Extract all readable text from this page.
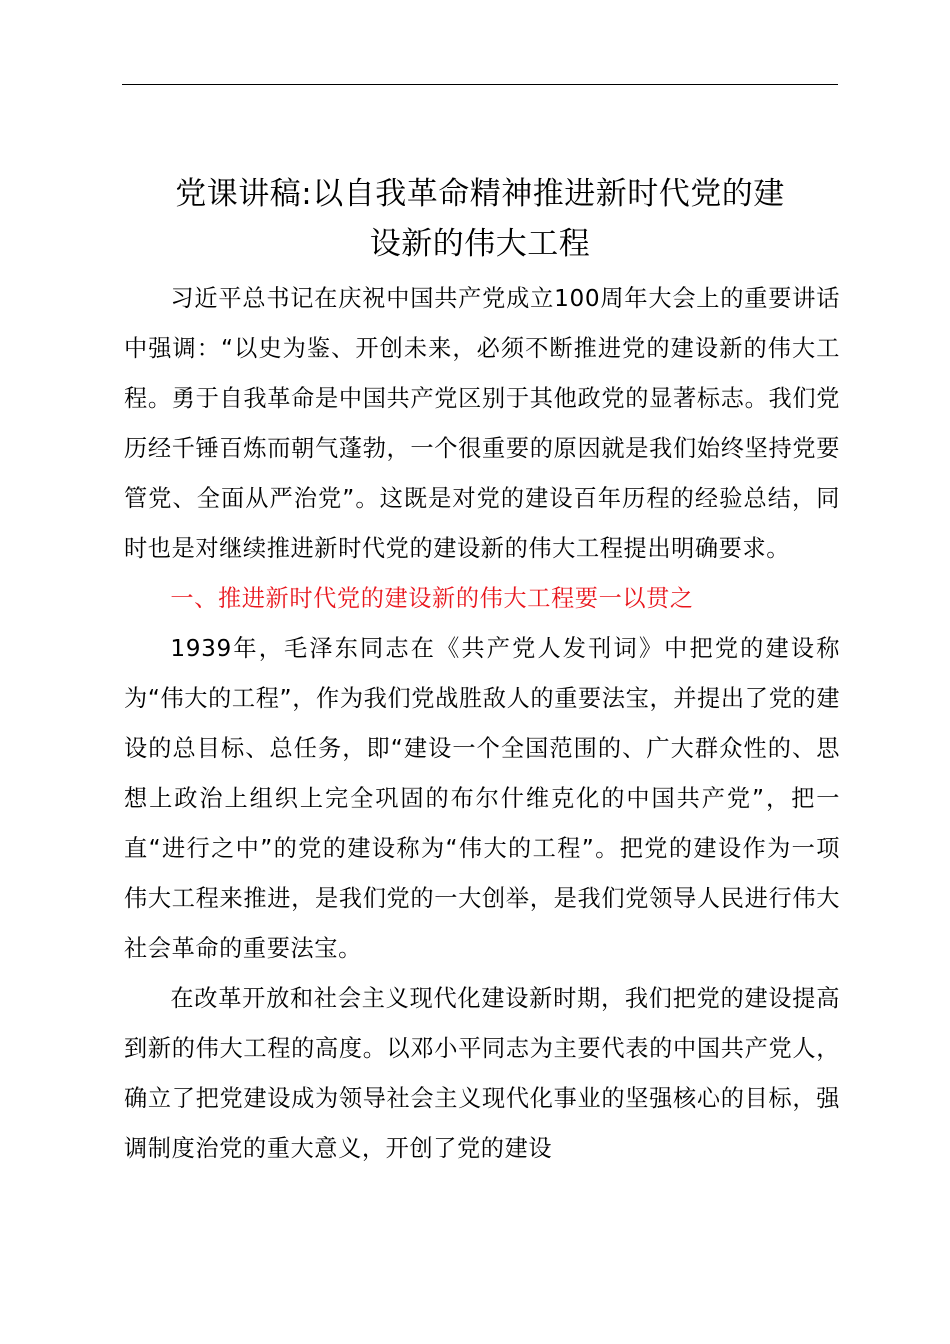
党课讲稿:以自我革命精神推进新时代党的建
设新的伟大工程

习近平总书记在庆祝中国共产党成立100周年大会上的重要讲话中强调：“以史为鉴、开创未来，必须不断推进党的建设新的伟大工程。勇于自我革命是中国共产党区别于其他政党的显著标志。我们党历经千锤百炼而朝气蓬勃，一个很重要的原因就是我们始终坚持党要管党、全面从严治党”。这既是对党的建设百年历程的经验总结，同时也是对继续推进新时代党的建设新的伟大工程提出明确要求。

一、推进新时代党的建设新的伟大工程要一以贯之

1939年，毛泽东同志在《共产党人发刊词》中把党的建设称为“伟大的工程”，作为我们党战胜敌人的重要法宝，并提出了党的建设的总目标、总任务，即“建设一个全国范围的、广大群众性的、思想上政治上组织上完全巩固的布尔什维克化的中国共产党”，把一直“进行之中”的党的建设称为“伟大的工程”。把党的建设作为一项伟大工程来推进，是我们党的一大创举，是我们党领导人民进行伟大社会革命的重要法宝。

在改革开放和社会主义现代化建设新时期，我们把党的建设提高到新的伟大工程的高度。以邓小平同志为主要代表的中国共产党人，确立了把党建设成为领导社会主义现代化事业的坚强核心的目标，强调制度治党的重大意义，开创了党的建设
